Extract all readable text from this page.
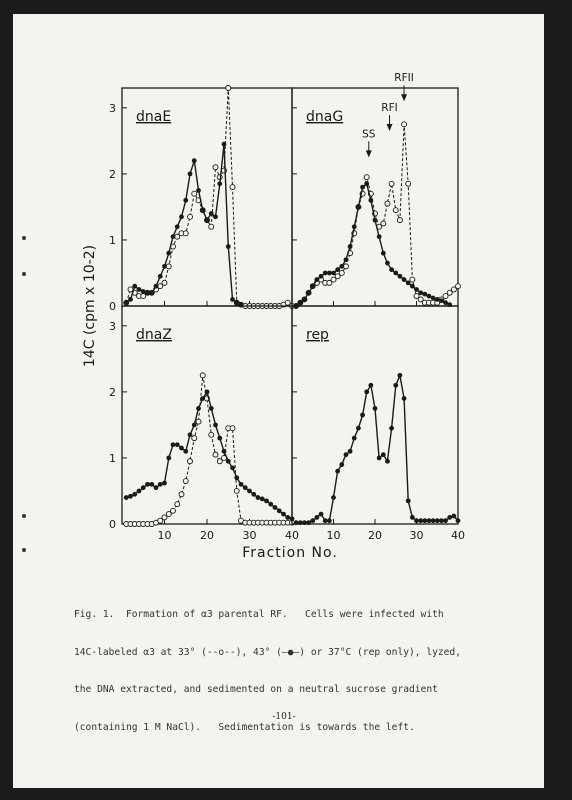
0
1
2
3
dnaE	dnaG
SS
RFI
RFII
10	20	30	40
0
1
2
3
dnaZ
10	20	30	40
rep
Fraction No.
14C (cpm x 10-2)

Fig. 1.  Formation of α3 parental RF.   Cells were infected with

14C-labeled α3 at 33° (--o--), 43° (—●—) or 37°C (rep only), lyzed,

the DNA extracted, and sedimented on a neutral sucrose gradient

(containing 1 M NaCl).   Sedimentation is towards the left.

-101-
